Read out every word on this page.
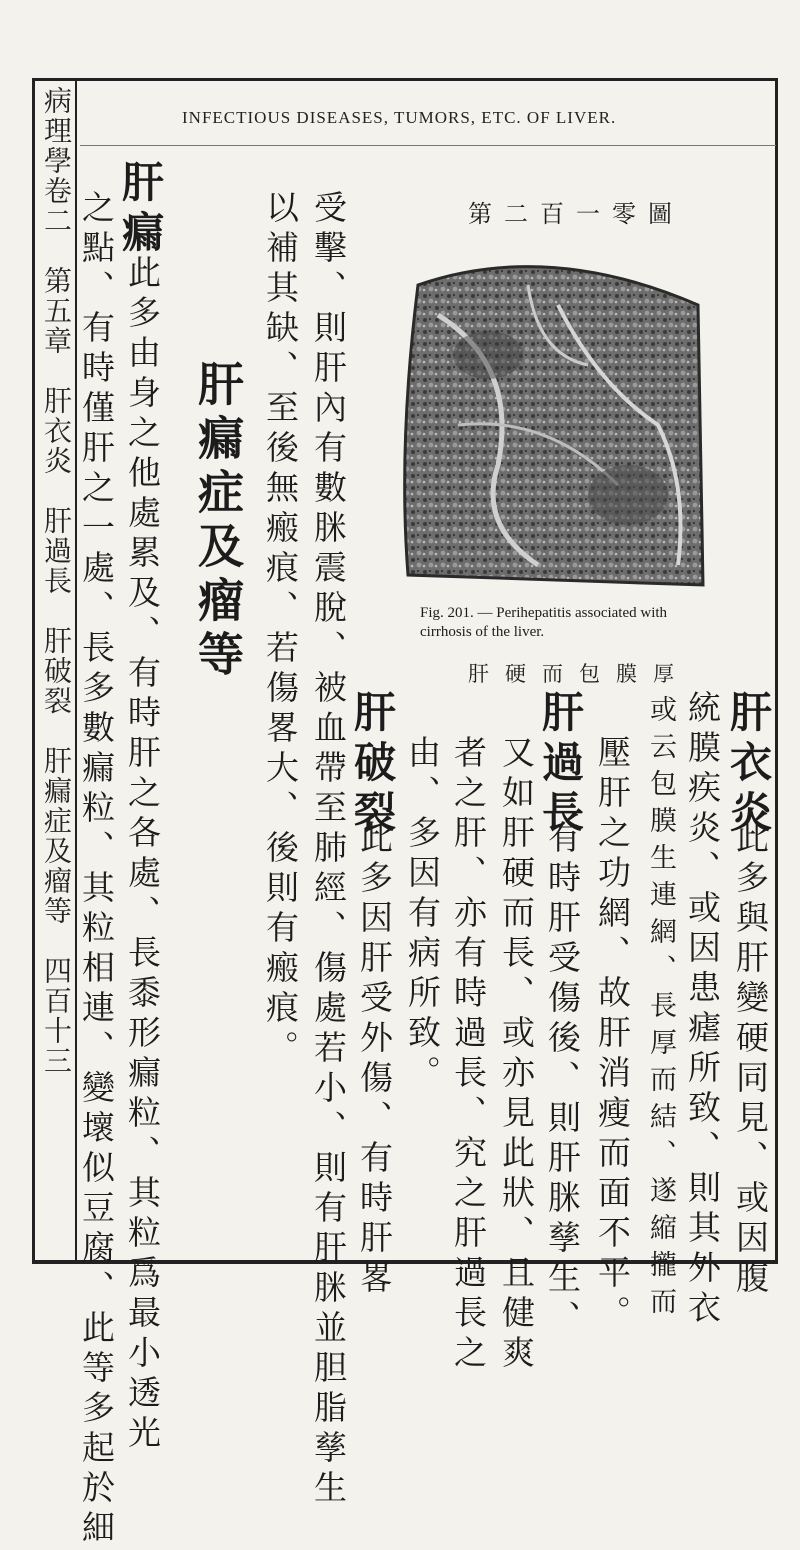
病理學卷二　第五章　肝衣炎　肝過長　肝破裂　肝瘺症及瘤等　四百十三	INFECTIOUS DISEASES, TUMORS, ETC. OF LIVER.
第二百一零圖
Fig. 201. — Perihepatitis associated with cirrhosis of the liver.
肝硬而包膜厚
肝衣炎
此多與肝變硬同見、或因腹
統膜疾炎、或因患瘧所致、則其外衣
或云包膜生連網、長厚而結、遂縮攏而
壓肝之功網、故肝消瘦而面不平。
肝過長
有時肝受傷後、則肝脒孳生、
又如肝硬而長、或亦見此狀、且健爽
者之肝、亦有時過長、究之肝過長之
由、多因有病所致。
肝破裂
此多因肝受外傷、有時肝畧
受擊、則肝內有數脒震脫、被血帶至肺經、傷處若小、則有肝脒並胆脂孳生
以補其缺、至後無瘢痕、若傷畧大、後則有瘢痕。
肝瘺症及瘤等
肝瘺
此多由身之他處累及、有時肝之各處、長黍形瘺粒、其粒爲最小透光
之點、有時僅肝之一處、長多數瘺粒、其粒相連、變壞似豆腐、此等多起於細
